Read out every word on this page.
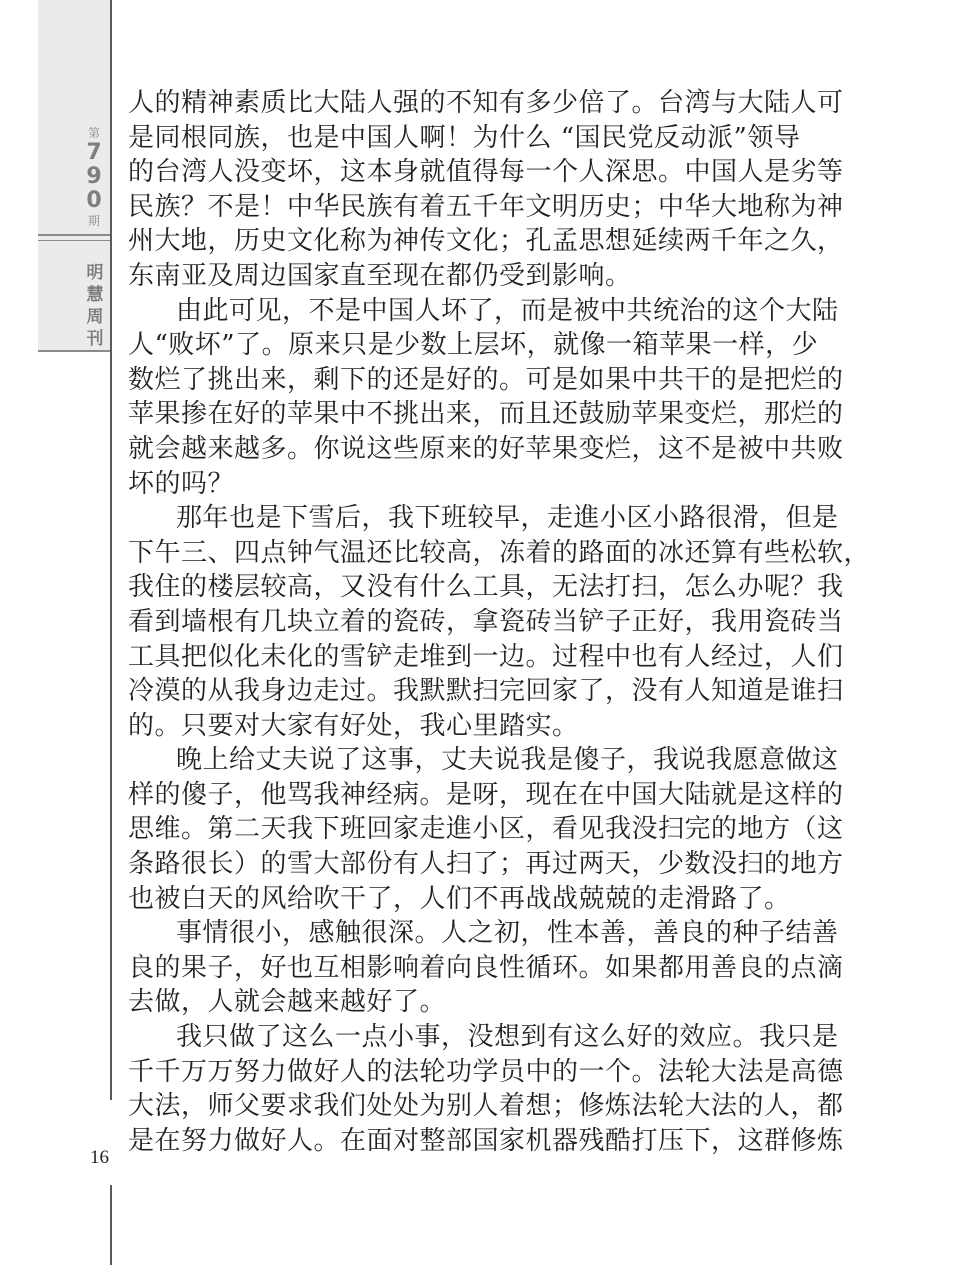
第
7
9
0
期
明
慧
周
刊
16
人的精神素质比大陆人强的不知有多少倍了。台湾与大陆人可
是同根同族，也是中国人啊！为什么 “国民党反动派”领导
的台湾人没变坏，这本身就值得每一个人深思。中国人是劣等
民族？不是！中华民族有着五千年文明历史；中华大地称为神
州大地，历史文化称为神传文化；孔孟思想延续两千年之久，
东南亚及周边国家直至现在都仍受到影响。
由此可见，不是中国人坏了，而是被中共统治的这个大陆
人“败坏”了。原来只是少数上层坏，就像一箱苹果一样，少
数烂了挑出来，剩下的还是好的。可是如果中共干的是把烂的
苹果掺在好的苹果中不挑出来，而且还鼓励苹果变烂，那烂的
就会越来越多。你说这些原来的好苹果变烂，这不是被中共败
坏的吗？
那年也是下雪后，我下班较早，走進小区小路很滑，但是
下午三、四点钟气温还比较高，冻着的路面的冰还算有些松软，
我住的楼层较高，又没有什么工具，无法打扫，怎么办呢？我
看到墙根有几块立着的瓷砖，拿瓷砖当铲子正好，我用瓷砖当
工具把似化未化的雪铲走堆到一边。过程中也有人经过，人们
冷漠的从我身边走过。我默默扫完回家了，没有人知道是谁扫
的。只要对大家有好处，我心里踏实。
晚上给丈夫说了这事，丈夫说我是傻子，我说我愿意做这
样的傻子，他骂我神经病。是呀，现在在中国大陆就是这样的
思维。第二天我下班回家走進小区，看见我没扫完的地方（这
条路很长）的雪大部份有人扫了；再过两天，少数没扫的地方
也被白天的风给吹干了，人们不再战战兢兢的走滑路了。
事情很小，感触很深。人之初，性本善，善良的种子结善
良的果子，好也互相影响着向良性循环。如果都用善良的点滴
去做，人就会越来越好了。
我只做了这么一点小事，没想到有这么好的效应。我只是
千千万万努力做好人的法轮功学员中的一个。法轮大法是高德
大法，师父要求我们处处为别人着想；修炼法轮大法的人，都
是在努力做好人。在面对整部国家机器残酷打压下，这群修炼
